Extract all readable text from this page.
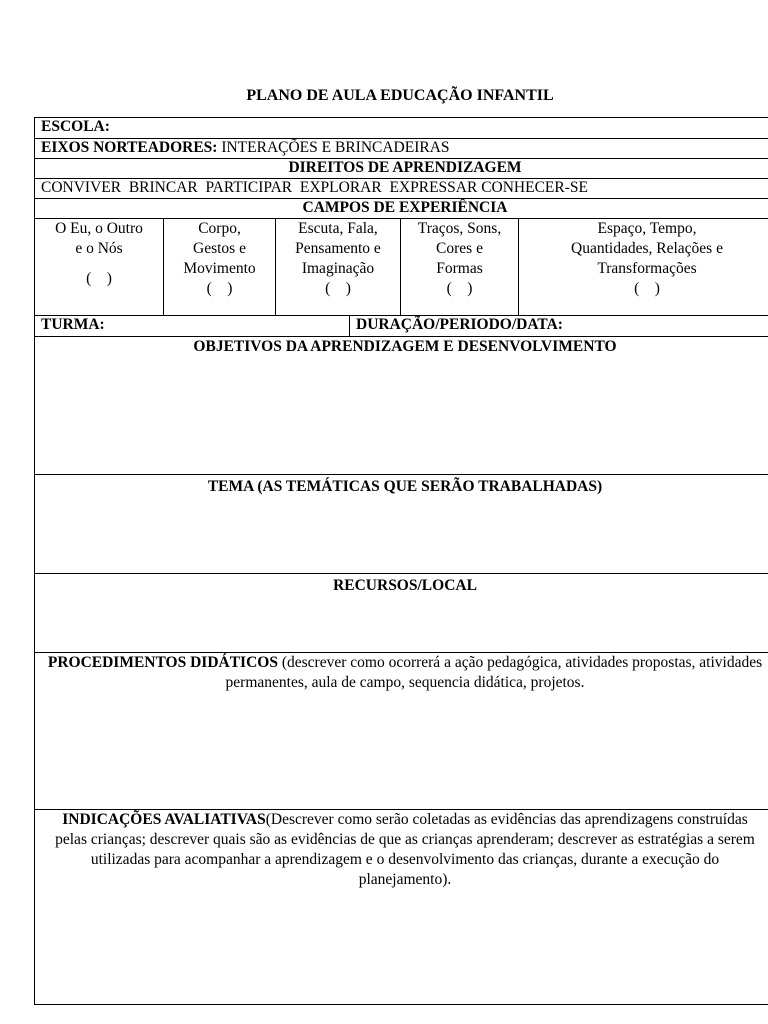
PLANO DE AULA EDUCAÇÃO INFANTIL
ESCOLA:
EIXOS NORTEADORES: INTERAÇÕES E BRINCADEIRAS
DIREITOS DE APRENDIZAGEM
CONVIVER  BRINCAR  PARTICIPAR  EXPLORAR  EXPRESSAR CONHECER-SE
CAMPOS DE EXPERIÊNCIA
O Eu, o Outro
e o Nós
(    )
Corpo,
Gestos e
Movimento
(    )
Escuta, Fala,
Pensamento e
Imaginação
(    )
Traços, Sons,
Cores e
Formas
(    )
Espaço, Tempo,
Quantidades, Relações e
Transformações
(    )
TURMA:	DURAÇÃO/PERIODO/DATA:
OBJETIVOS DA APRENDIZAGEM E DESENVOLVIMENTO
TEMA (AS TEMÁTICAS QUE SERÃO TRABALHADAS)
RECURSOS/LOCAL
PROCEDIMENTOS DIDÁTICOS (descrever como ocorrerá a ação pedagógica, atividades propostas, atividades permanentes, aula de campo, sequencia didática, projetos.
INDICAÇÕES AVALIATIVAS(Descrever como serão coletadas as evidências das aprendizagens construídas pelas crianças; descrever quais são as evidências de que as crianças aprenderam; descrever as estratégias a serem utilizadas para acompanhar a aprendizagem e o desenvolvimento das crianças, durante a execução do planejamento).
